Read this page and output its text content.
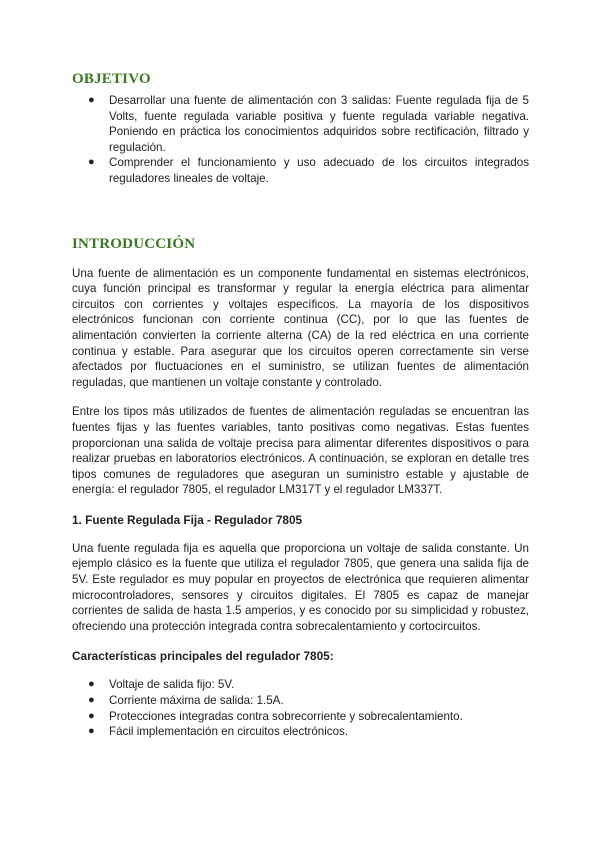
OBJETIVO
● Desarrollar una fuente de alimentación con 3 salidas: Fuente regulada fija de 5 Volts, fuente regulada variable positiva y fuente regulada variable negativa. Poniendo en práctica los conocimientos adquiridos sobre rectificación, filtrado y regulación.
● Comprender el funcionamiento y uso adecuado de los circuitos integrados reguladores lineales de voltaje.
INTRODUCCIÓN

Una fuente de alimentación es un componente fundamental en sistemas electrónicos, cuya función principal es transformar y regular la energía eléctrica para alimentar circuitos con corrientes y voltajes específicos. La mayoría de los dispositivos electrónicos funcionan con corriente continua (CC), por lo que las fuentes de alimentación convierten la corriente alterna (CA) de la red eléctrica en una corriente continua y estable. Para asegurar que los circuitos operen correctamente sin verse afectados por fluctuaciones en el suministro, se utilizan fuentes de alimentación reguladas, que mantienen un voltaje constante y controlado.

Entre los tipos más utilizados de fuentes de alimentación reguladas se encuentran las fuentes fijas y las fuentes variables, tanto positivas como negativas. Estas fuentes proporcionan una salida de voltaje precisa para alimentar diferentes dispositivos o para realizar pruebas en laboratorios electrónicos. A continuación, se exploran en detalle tres tipos comunes de reguladores que aseguran un suministro estable y ajustable de energía: el regulador 7805, el regulador LM317T y el regulador LM337T.

1. Fuente Regulada Fija - Regulador 7805

Una fuente regulada fija es aquella que proporciona un voltaje de salida constante. Un ejemplo clásico es la fuente que utiliza el regulador 7805, que genera una salida fija de 5V. Este regulador es muy popular en proyectos de electrónica que requieren alimentar microcontroladores, sensores y circuitos digitales. El 7805 es capaz de manejar corrientes de salida de hasta 1.5 amperios, y es conocido por su simplicidad y robustez, ofreciendo una protección integrada contra sobrecalentamiento y cortocircuitos.

Características principales del regulador 7805:
● Voltaje de salida fijo: 5V.
● Corriente máxima de salida: 1.5A.
● Protecciones integradas contra sobrecorriente y sobrecalentamiento.
● Fácil implementación en circuitos electrónicos.
